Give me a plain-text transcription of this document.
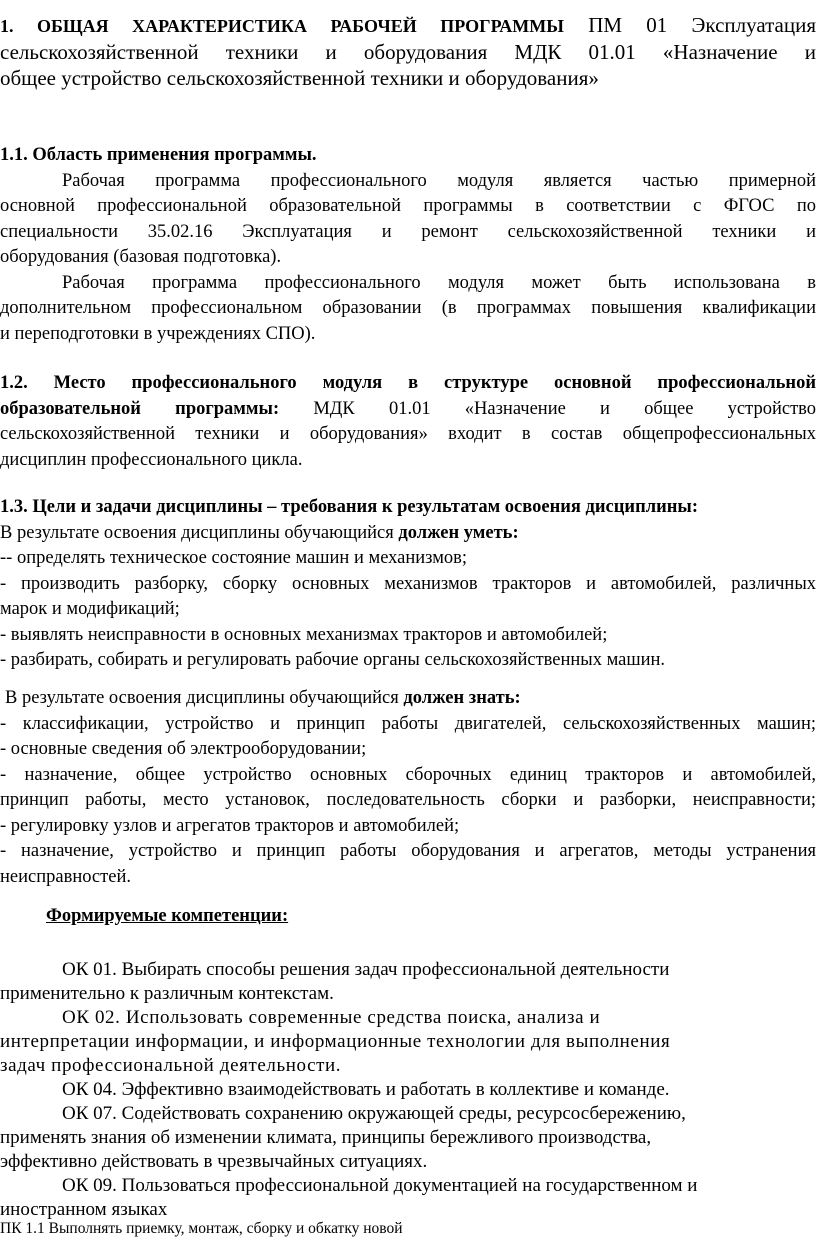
1. ОБЩАЯ ХАРАКТЕРИСТИКА РАБОЧЕЙ ПРОГРАММЫ ПМ 01 Эксплуатация
сельскохозяйственной техники и оборудования МДК 01.01 «Назначение и
общее устройство сельскохозяйственной техники и оборудования»
1.1. Область применения программы.
Рабочая программа профессионального модуля является частью примерной
основной профессиональной образовательной программы в соответствии с ФГОС по
специальности 35.02.16 Эксплуатация и ремонт сельскохозяйственной техники и
оборудования (базовая подготовка).
Рабочая программа профессионального модуля может быть использована в
дополнительном профессиональном образовании (в программах повышения квалификации
и переподготовки в учреждениях СПО).
1.2. Место профессионального модуля в структуре основной профессиональной
образовательной программы: МДК 01.01 «Назначение и общее устройство
сельскохозяйственной техники и оборудования» входит в состав общепрофессиональных
дисциплин профессионального цикла.
1.3. Цели и задачи дисциплины – требования к результатам освоения дисциплины:
В результате освоения дисциплины обучающийся должен уметь:
-- определять техническое состояние машин и механизмов;
- производить разборку, сборку основных механизмов тракторов и автомобилей, различных
марок и модификаций;
- выявлять неисправности в основных механизмах тракторов и автомобилей;
- разбирать, собирать и регулировать рабочие органы сельскохозяйственных машин.
В результате освоения дисциплины обучающийся должен знать:
- классификации, устройство и принцип работы двигателей, сельскохозяйственных машин;
- основные сведения об электрооборудовании;
- назначение, общее устройство основных сборочных единиц тракторов и автомобилей,
принцип работы, место установок, последовательность сборки и разборки, неисправности;
- регулировку узлов и агрегатов тракторов и автомобилей;
- назначение, устройство и принцип работы оборудования и агрегатов, методы устранения
неисправностей.
Формируемые компетенции:
ОК 01. Выбирать способы решения задач профессиональной деятельности
применительно к различным контекстам.
ОК 02. Использовать современные средства поиска, анализа и
интерпретации информации, и информационные технологии для выполнения
задач профессиональной деятельности.
ОК 04. Эффективно взаимодействовать и работать в коллективе и команде.
ОК 07. Содействовать сохранению окружающей среды, ресурсосбережению,
применять знания об изменении климата, принципы бережливого производства,
эффективно действовать в чрезвычайных ситуациях.
ОК 09. Пользоваться профессиональной документацией на государственном и
иностранном языках
ПК 1.1 Выполнять приемку, монтаж, сборку и обкатку новой
